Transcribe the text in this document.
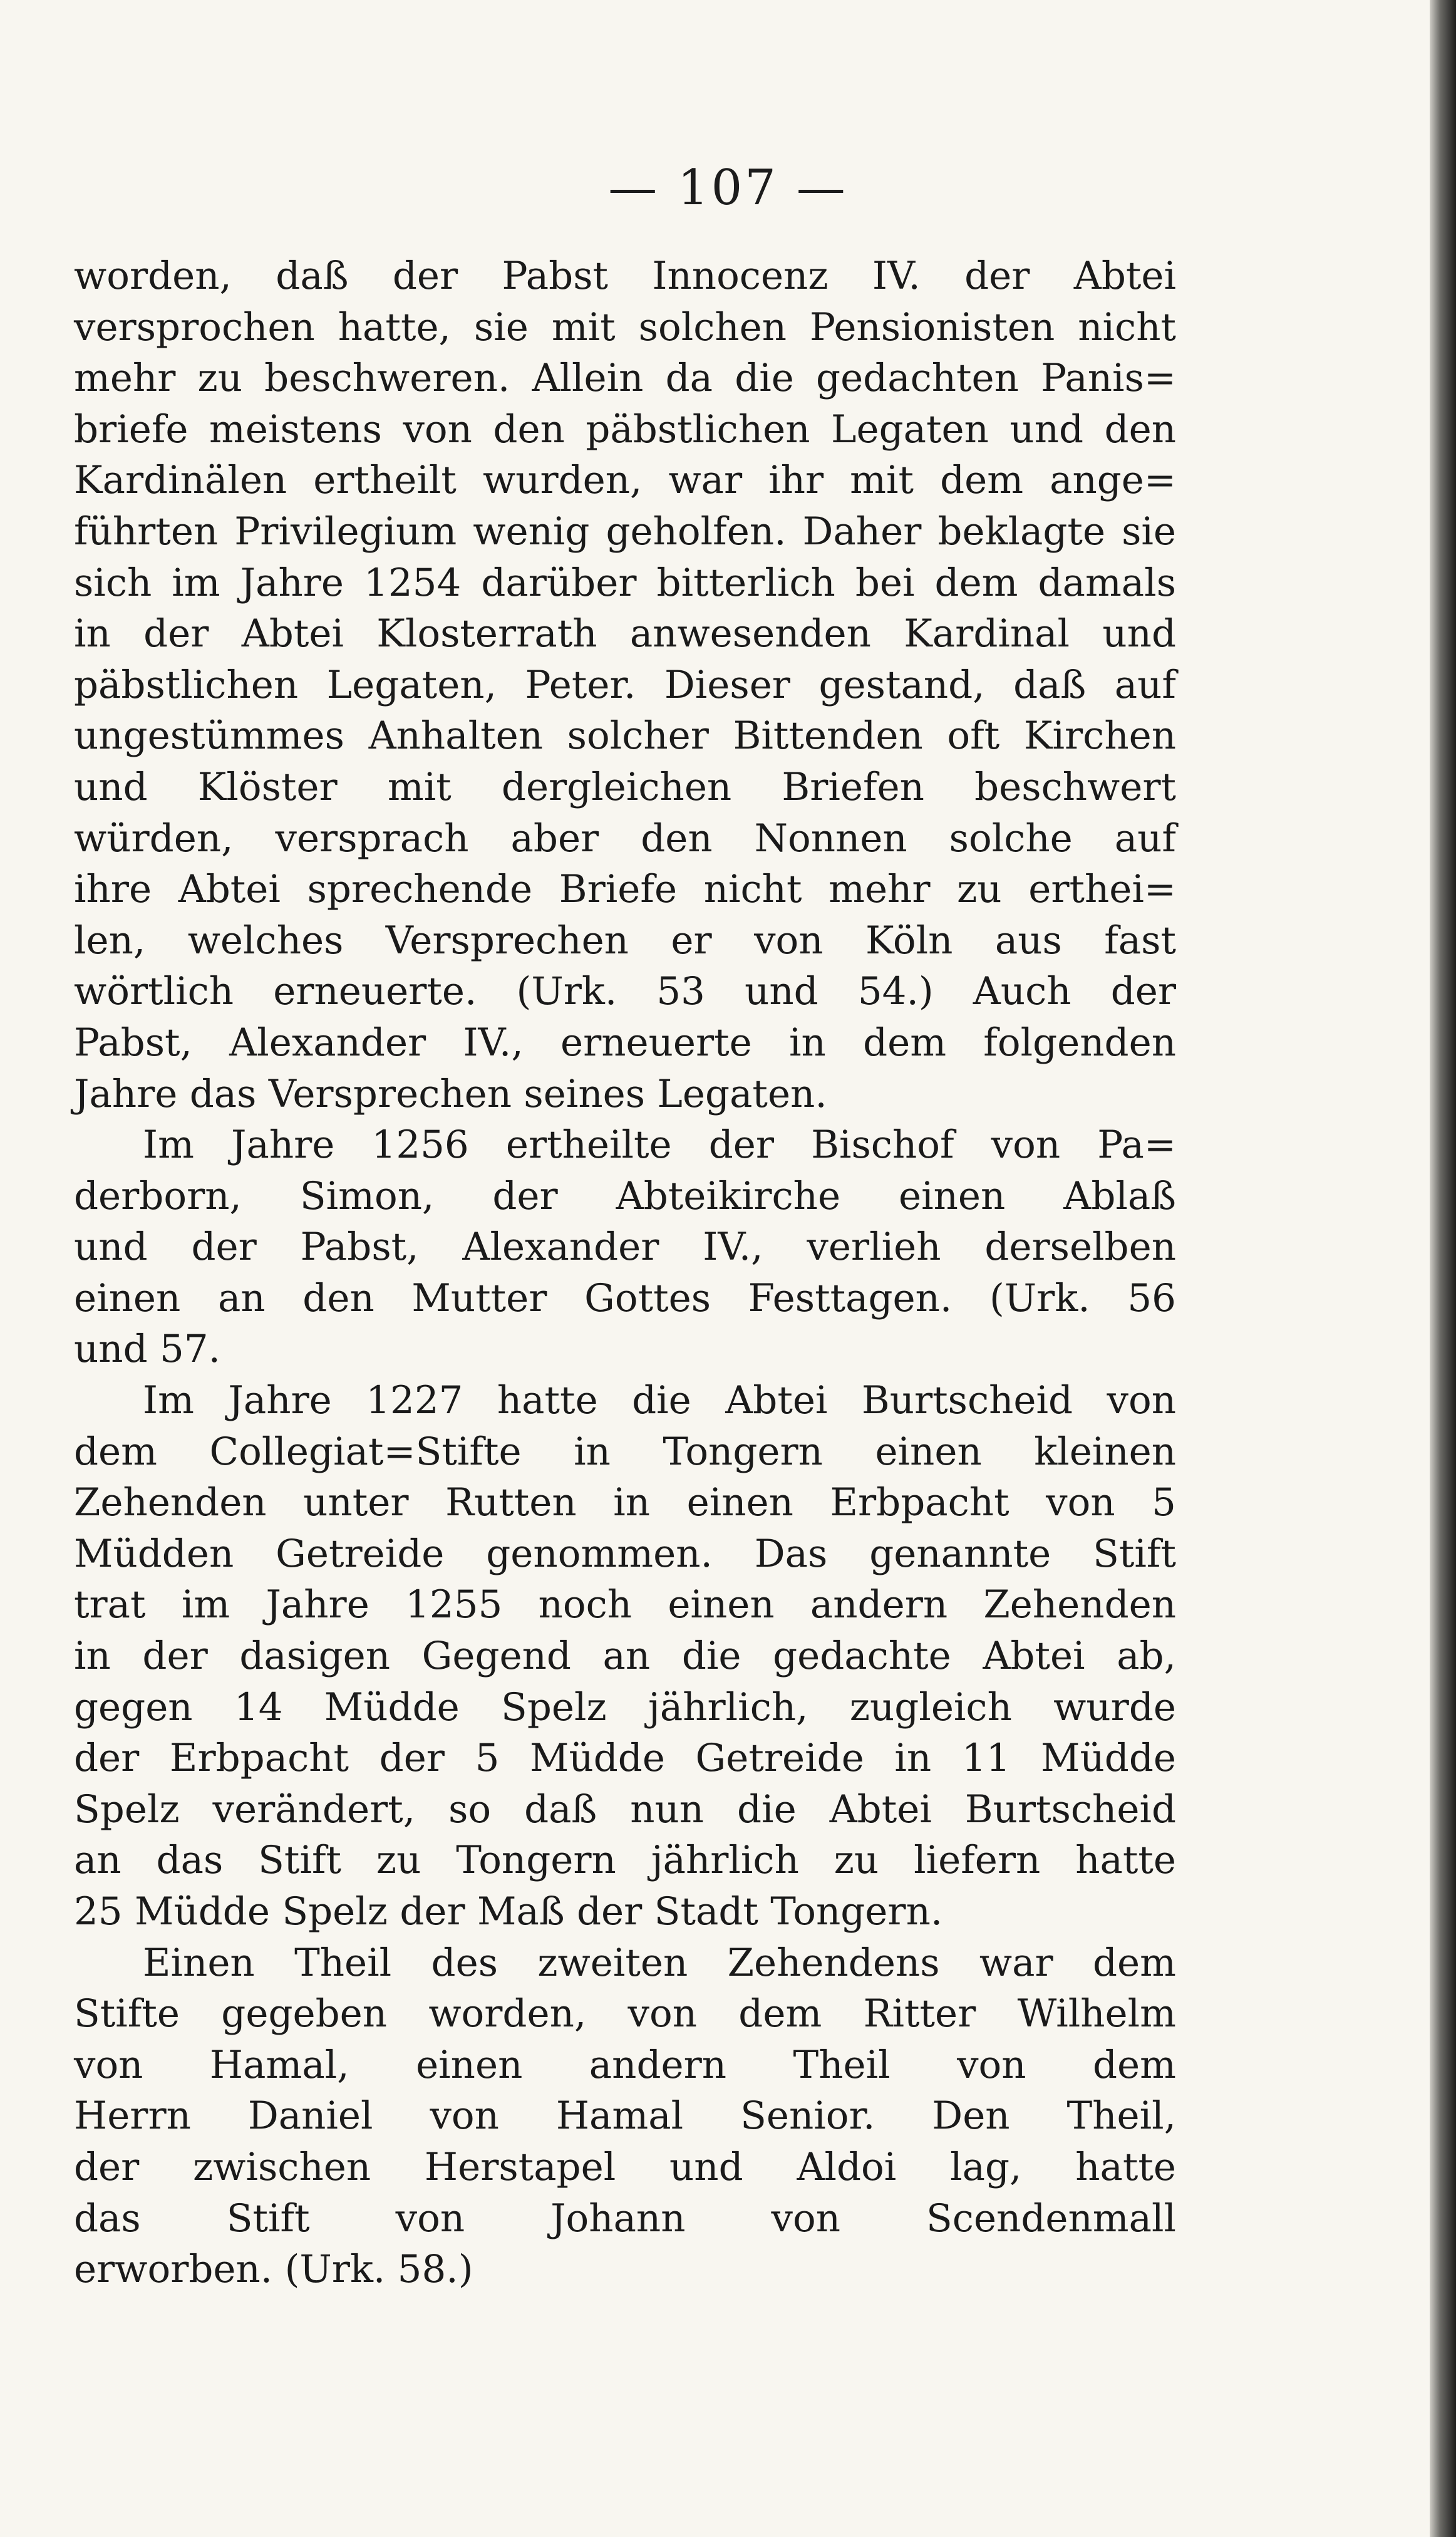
— 107 —
worden, daß der Pabst Innocenz IV. der Abtei
versprochen hatte, sie mit solchen Pensionisten nicht
mehr zu beschweren. Allein da die gedachten Panis=
briefe meistens von den päbstlichen Legaten und den
Kardinälen ertheilt wurden, war ihr mit dem ange=
führten Privilegium wenig geholfen. Daher beklagte sie
sich im Jahre 1254 darüber bitterlich bei dem damals
in der Abtei Klosterrath anwesenden Kardinal und
päbstlichen Legaten, Peter. Dieser gestand, daß auf
ungestümmes Anhalten solcher Bittenden oft Kirchen
und Klöster mit dergleichen Briefen beschwert
würden, versprach aber den Nonnen solche auf
ihre Abtei sprechende Briefe nicht mehr zu erthei=
len, welches Versprechen er von Köln aus fast
wörtlich erneuerte. (Urk. 53 und 54.) Auch der
Pabst, Alexander IV., erneuerte in dem folgenden
Jahre das Versprechen seines Legaten.
Im Jahre 1256 ertheilte der Bischof von Pa=
derborn, Simon, der Abteikirche einen Ablaß
und der Pabst, Alexander IV., verlieh derselben
einen an den Mutter Gottes Festtagen. (Urk. 56
und 57.
Im Jahre 1227 hatte die Abtei Burtscheid von
dem Collegiat=Stifte in Tongern einen kleinen
Zehenden unter Rutten in einen Erbpacht von 5
Müdden Getreide genommen. Das genannte Stift
trat im Jahre 1255 noch einen andern Zehenden
in der dasigen Gegend an die gedachte Abtei ab,
gegen 14 Müdde Spelz jährlich, zugleich wurde
der Erbpacht der 5 Müdde Getreide in 11 Müdde
Spelz verändert, so daß nun die Abtei Burtscheid
an das Stift zu Tongern jährlich zu liefern hatte
25 Müdde Spelz der Maß der Stadt Tongern.
Einen Theil des zweiten Zehendens war dem
Stifte gegeben worden, von dem Ritter Wilhelm
von Hamal, einen andern Theil von dem
Herrn Daniel von Hamal Senior. Den Theil,
der zwischen Herstapel und Aldoi lag, hatte
das Stift von Johann von Scendenmall
erworben. (Urk. 58.)
